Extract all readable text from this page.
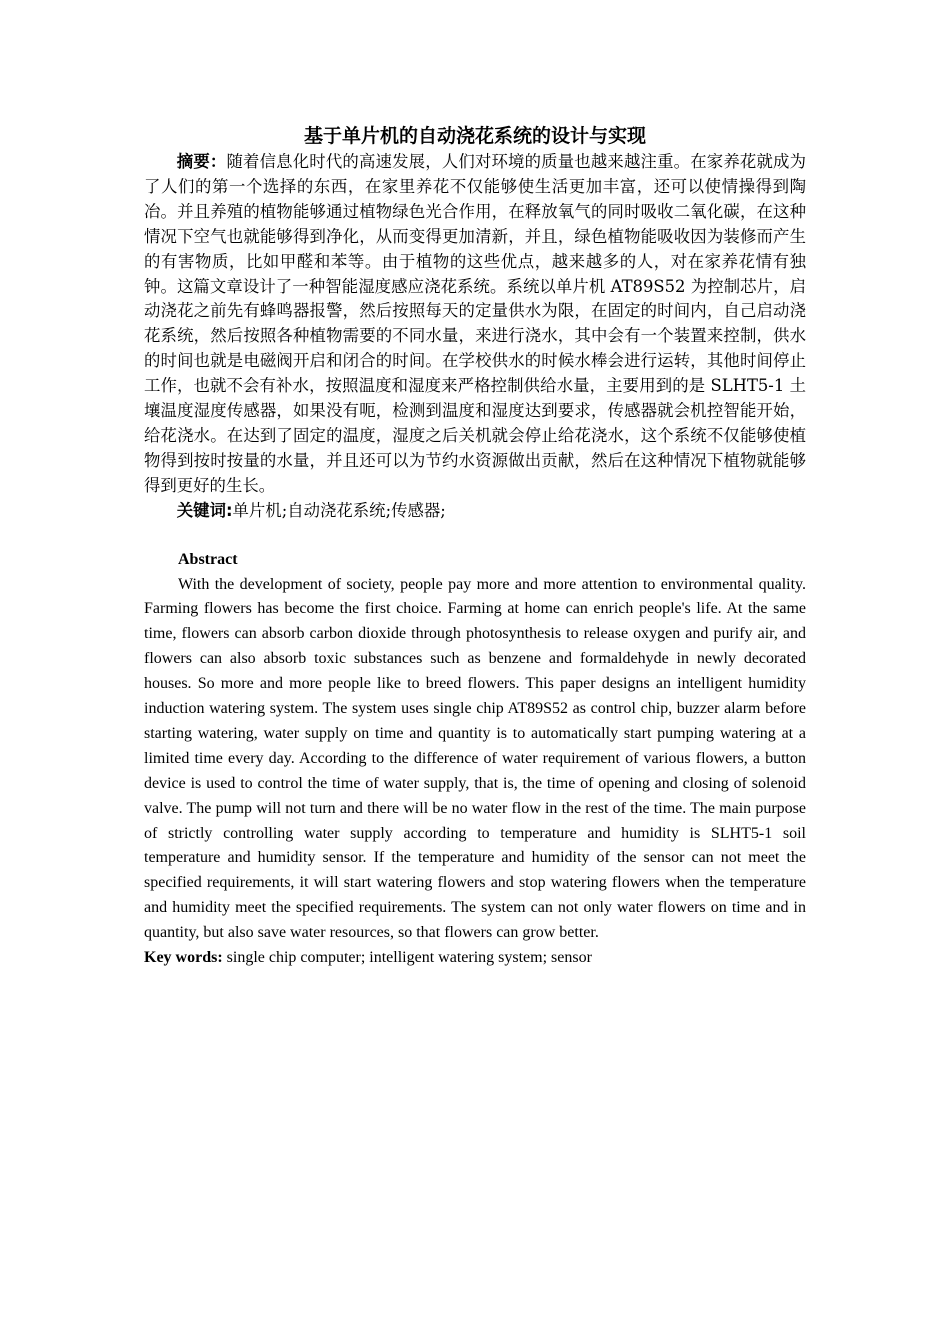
基于单片机的自动浇花系统的设计与实现

摘要：随着信息化时代的高速发展，人们对环境的质量也越来越注重。在家养花就成为了人们的第一个选择的东西，在家里养花不仅能够使生活更加丰富，还可以使情操得到陶冶。并且养殖的植物能够通过植物绿色光合作用，在释放氧气的同时吸收二氧化碳，在这种情况下空气也就能够得到净化，从而变得更加清新，并且，绿色植物能吸收因为装修而产生的有害物质，比如甲醛和苯等。由于植物的这些优点，越来越多的人，对在家养花情有独钟。这篇文章设计了一种智能湿度感应浇花系统。系统以单片机 AT89S52 为控制芯片，启动浇花之前先有蜂鸣器报警，然后按照每天的定量供水为限，在固定的时间内，自己启动浇花系统，然后按照各种植物需要的不同水量，来进行浇水，其中会有一个装置来控制，供水的时间也就是电磁阀开启和闭合的时间。在学校供水的时候水棒会进行运转，其他时间停止工作，也就不会有补水，按照温度和湿度来严格控制供给水量，主要用到的是 SLHT5-1 土壤温度湿度传感器，如果没有呃，检测到温度和湿度达到要求，传感器就会机控智能开始，给花浇水。在达到了固定的温度，湿度之后关机就会停止给花浇水，这个系统不仅能够使植物得到按时按量的水量，并且还可以为节约水资源做出贡献，然后在这种情况下植物就能够得到更好的生长。

关键词:单片机;自动浇花系统;传感器;

Abstract

With the development of society, people pay more and more attention to environmental quality. Farming flowers has become the first choice. Farming at home can enrich people's life. At the same time, flowers can absorb carbon dioxide through photosynthesis to release oxygen and purify air, and flowers can also absorb toxic substances such as benzene and formaldehyde in newly decorated houses. So more and more people like to breed flowers. This paper designs an intelligent humidity induction watering system. The system uses single chip AT89S52 as control chip, buzzer alarm before starting watering, water supply on time and quantity is to automatically start pumping watering at a limited time every day. According to the difference of water requirement of various flowers, a button device is used to control the time of water supply, that is, the time of opening and closing of solenoid valve. The pump will not turn and there will be no water flow in the rest of the time. The main purpose of strictly controlling water supply according to temperature and humidity is SLHT5-1 soil temperature and humidity sensor. If the temperature and humidity of the sensor can not meet the specified requirements, it will start watering flowers and stop watering flowers when the temperature and humidity meet the specified requirements. The system can not only water flowers on time and in quantity, but also save water resources, so that flowers can grow better.

Key words: single chip computer; intelligent watering system; sensor
